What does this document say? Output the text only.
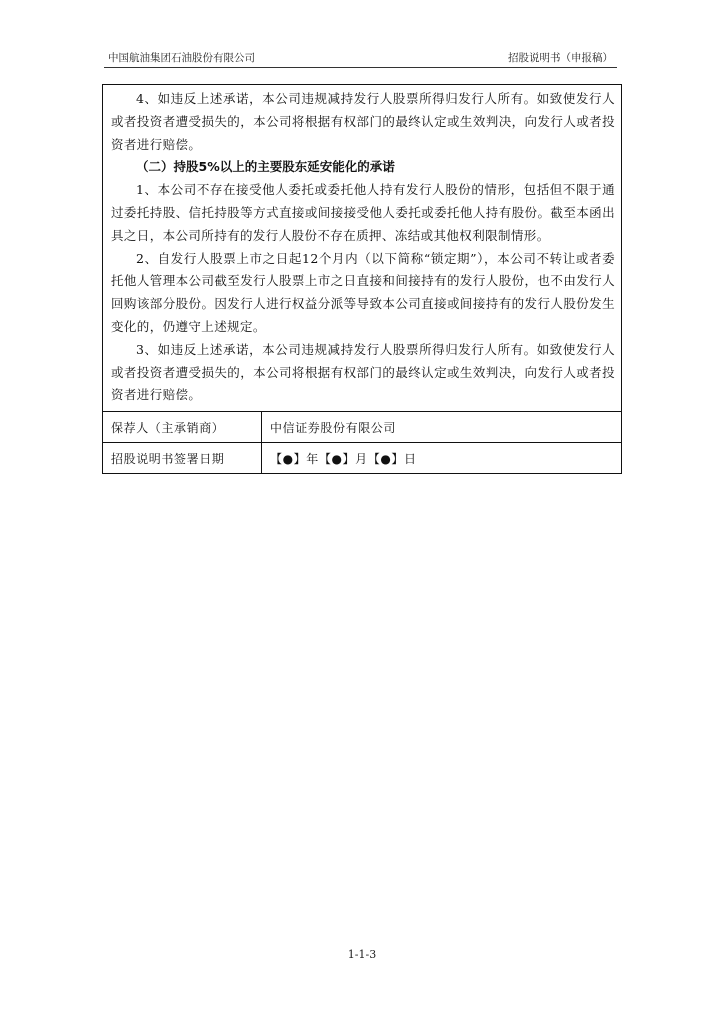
中国航油集团石油股份有限公司	招股说明书（申报稿）

4、如违反上述承诺，本公司违规减持发行人股票所得归发行人所有。如致使发行人或者投资者遭受损失的，本公司将根据有权部门的最终认定或生效判决，向发行人或者投资者进行赔偿。

（二）持股5%以上的主要股东延安能化的承诺

1、本公司不存在接受他人委托或委托他人持有发行人股份的情形，包括但不限于通过委托持股、信托持股等方式直接或间接接受他人委托或委托他人持有股份。截至本函出具之日，本公司所持有的发行人股份不存在质押、冻结或其他权利限制情形。

2、自发行人股票上市之日起12个月内（以下简称“锁定期”），本公司不转让或者委托他人管理本公司截至发行人股票上市之日直接和间接持有的发行人股份，也不由发行人回购该部分股份。因发行人进行权益分派等导致本公司直接或间接持有的发行人股份发生变化的，仍遵守上述规定。

3、如违反上述承诺，本公司违规减持发行人股票所得归发行人所有。如致使发行人或者投资者遭受损失的，本公司将根据有权部门的最终认定或生效判决，向发行人或者投资者进行赔偿。	

保荐人（主承销商）	中信证券股份有限公司
招股说明书签署日期	【●】年【●】月【●】日
1-1-3
